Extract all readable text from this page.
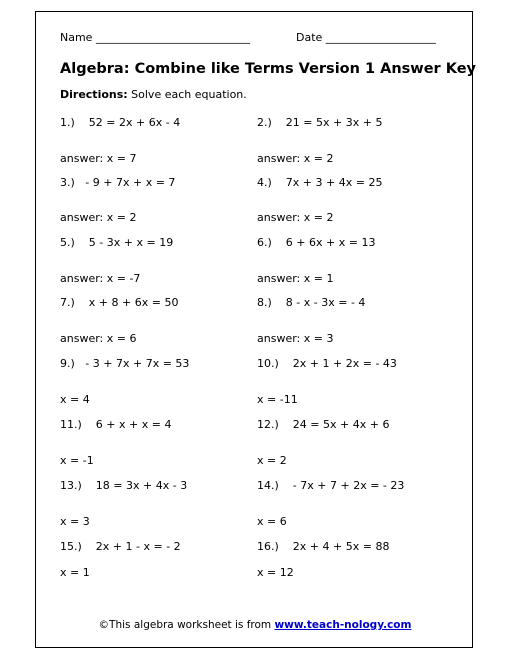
Name ____________________________	Date ____________________
Algebra: Combine like Terms Version 1 Answer Key
Directions: Solve each equation.
1.) 52 = 2x + 6x - 4
answer: x = 7
2.) 21 = 5x + 3x + 5
answer: x = 2
3.) - 9 + 7x + x = 7
answer: x = 2
4.) 7x + 3 + 4x = 25
answer: x = 2
5.) 5 - 3x + x = 19
answer: x = -7
6.) 6 + 6x + x = 13
answer: x = 1
7.) x + 8 + 6x = 50
answer: x = 6
8.) 8 - x - 3x = - 4
answer: x = 3
9.) - 3 + 7x + 7x = 53
x = 4
10.) 2x + 1 + 2x = - 43
x = -11
11.) 6 + x + x = 4
x = -1
12.) 24 = 5x + 4x + 6
x = 2
13.) 18 = 3x + 4x - 3
x = 3
14.) - 7x + 7 + 2x = - 23
x = 6
15.) 2x + 1 - x = - 2
x = 1
16.) 2x + 4 + 5x = 88
x = 12
©This algebra worksheet is from www.teach-nology.com
